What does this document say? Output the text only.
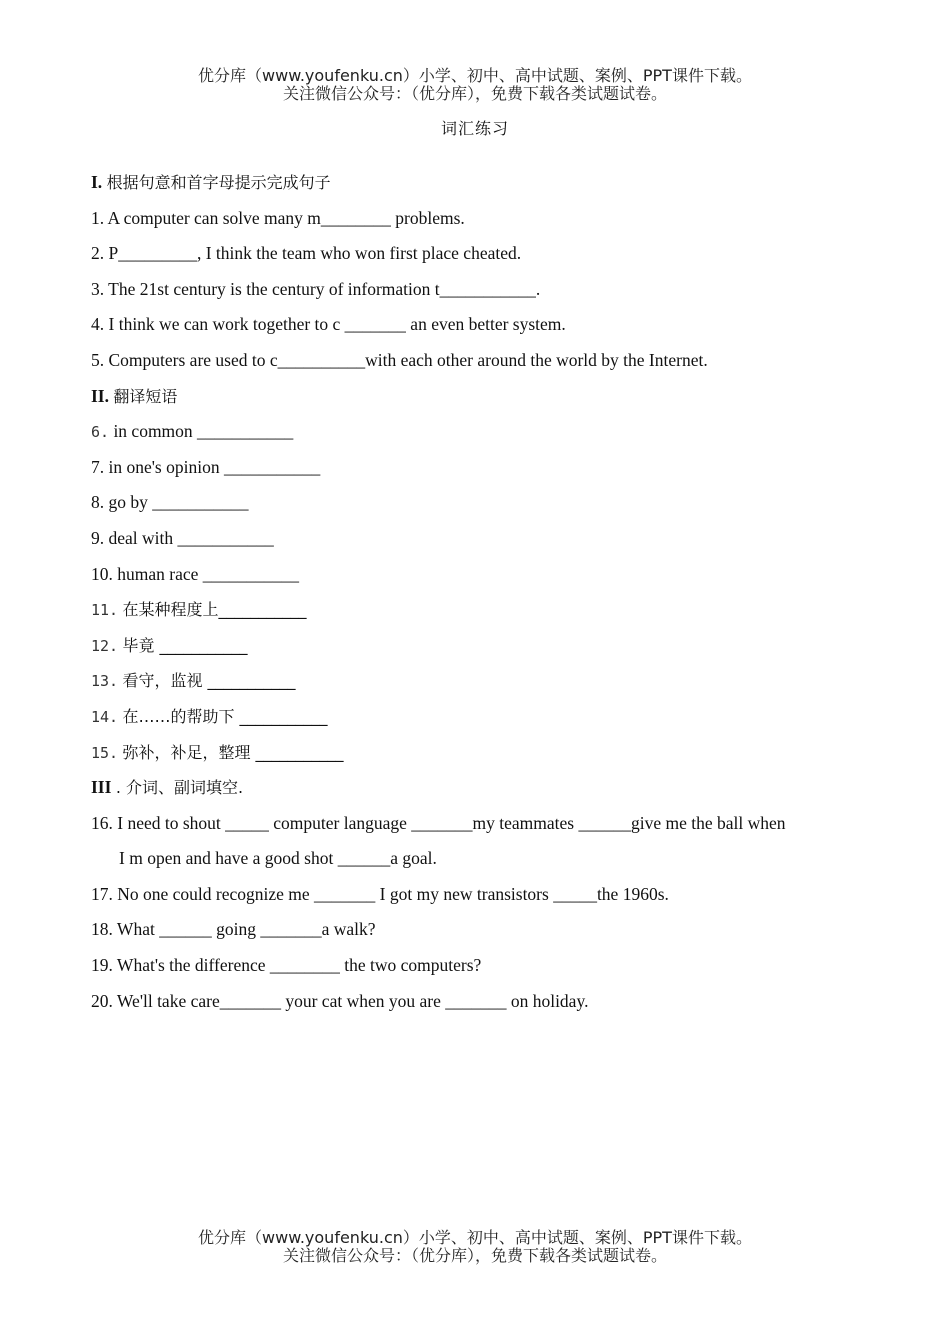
优分库（www.youfenku.cn）小学、初中、高中试题、案例、PPT课件下载。
关注微信公众号：（优分库），免费下载各类试题试卷。
词汇练习
I. 根据句意和首字母提示完成句子
1. A computer can solve many m________ problems.
2. P_________, I think the team who won first place cheated.
3. The 21st century is the century of information t___________.
4. I think we can work together to c _______ an even better system.
5. Computers are used to c__________with each other around the world by the Internet.
II. 翻译短语
6. in common ___________
7. in one's opinion ___________
8. go by ___________
9. deal with ___________
10. human race ___________
11. 在某种程度上___________
12. 毕竟 ___________
13. 看守，监视 ___________
14. 在……的帮助下 ___________
15. 弥补，补足，整理 ___________
III . 介词、副词填空.
16. I need to shout _____ computer language _______my teammates ______give me the ball when
I m open and have a good shot ______a goal.
17. No one could recognize me _______ I got my new transistors _____the 1960s.
18. What ______ going _______a walk?
19. What's the difference ________ the two computers?
20. We'll take care_______ your cat when you are _______ on holiday.
优分库（www.youfenku.cn）小学、初中、高中试题、案例、PPT课件下载。
关注微信公众号：（优分库），免费下载各类试题试卷。
